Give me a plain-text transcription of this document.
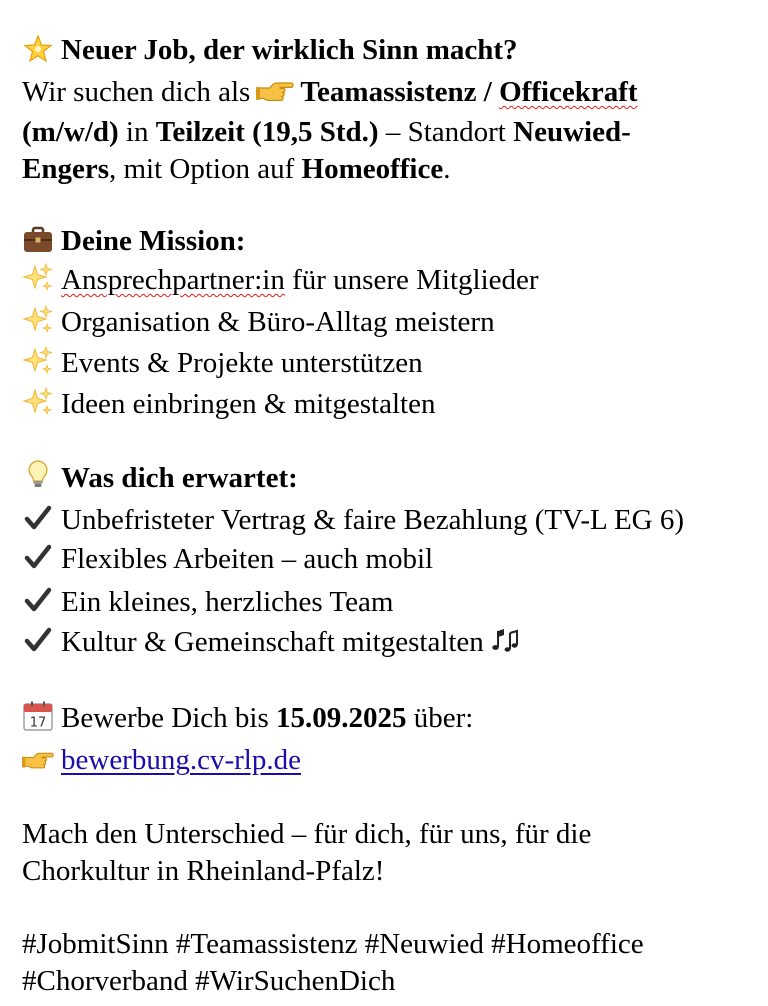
Neuer Job, der wirklich Sinn macht?
Wir suchen dich als Teamassistenz / Officekraft
(m/w/d) in Teilzeit (19,5 Std.) – Standort Neuwied-
Engers, mit Option auf Homeoffice.
Deine Mission:
Ansprechpartner:in für unsere Mitglieder
Organisation & Büro-Alltag meistern
Events & Projekte unterstützen
Ideen einbringen & mitgestalten
Was dich erwartet:
Unbefristeter Vertrag & faire Bezahlung (TV-L EG 6)
Flexibles Arbeiten – auch mobil
Ein kleines, herzliches Team
Kultur & Gemeinschaft mitgestalten
17 Bewerbe Dich bis 15.09.2025 über:
bewerbung.cv-rlp.de
Mach den Unterschied – für dich, für uns, für die
Chorkultur in Rheinland-Pfalz!
#JobmitSinn #Teamassistenz #Neuwied #Homeoffice
#Chorverband #WirSuchenDich
